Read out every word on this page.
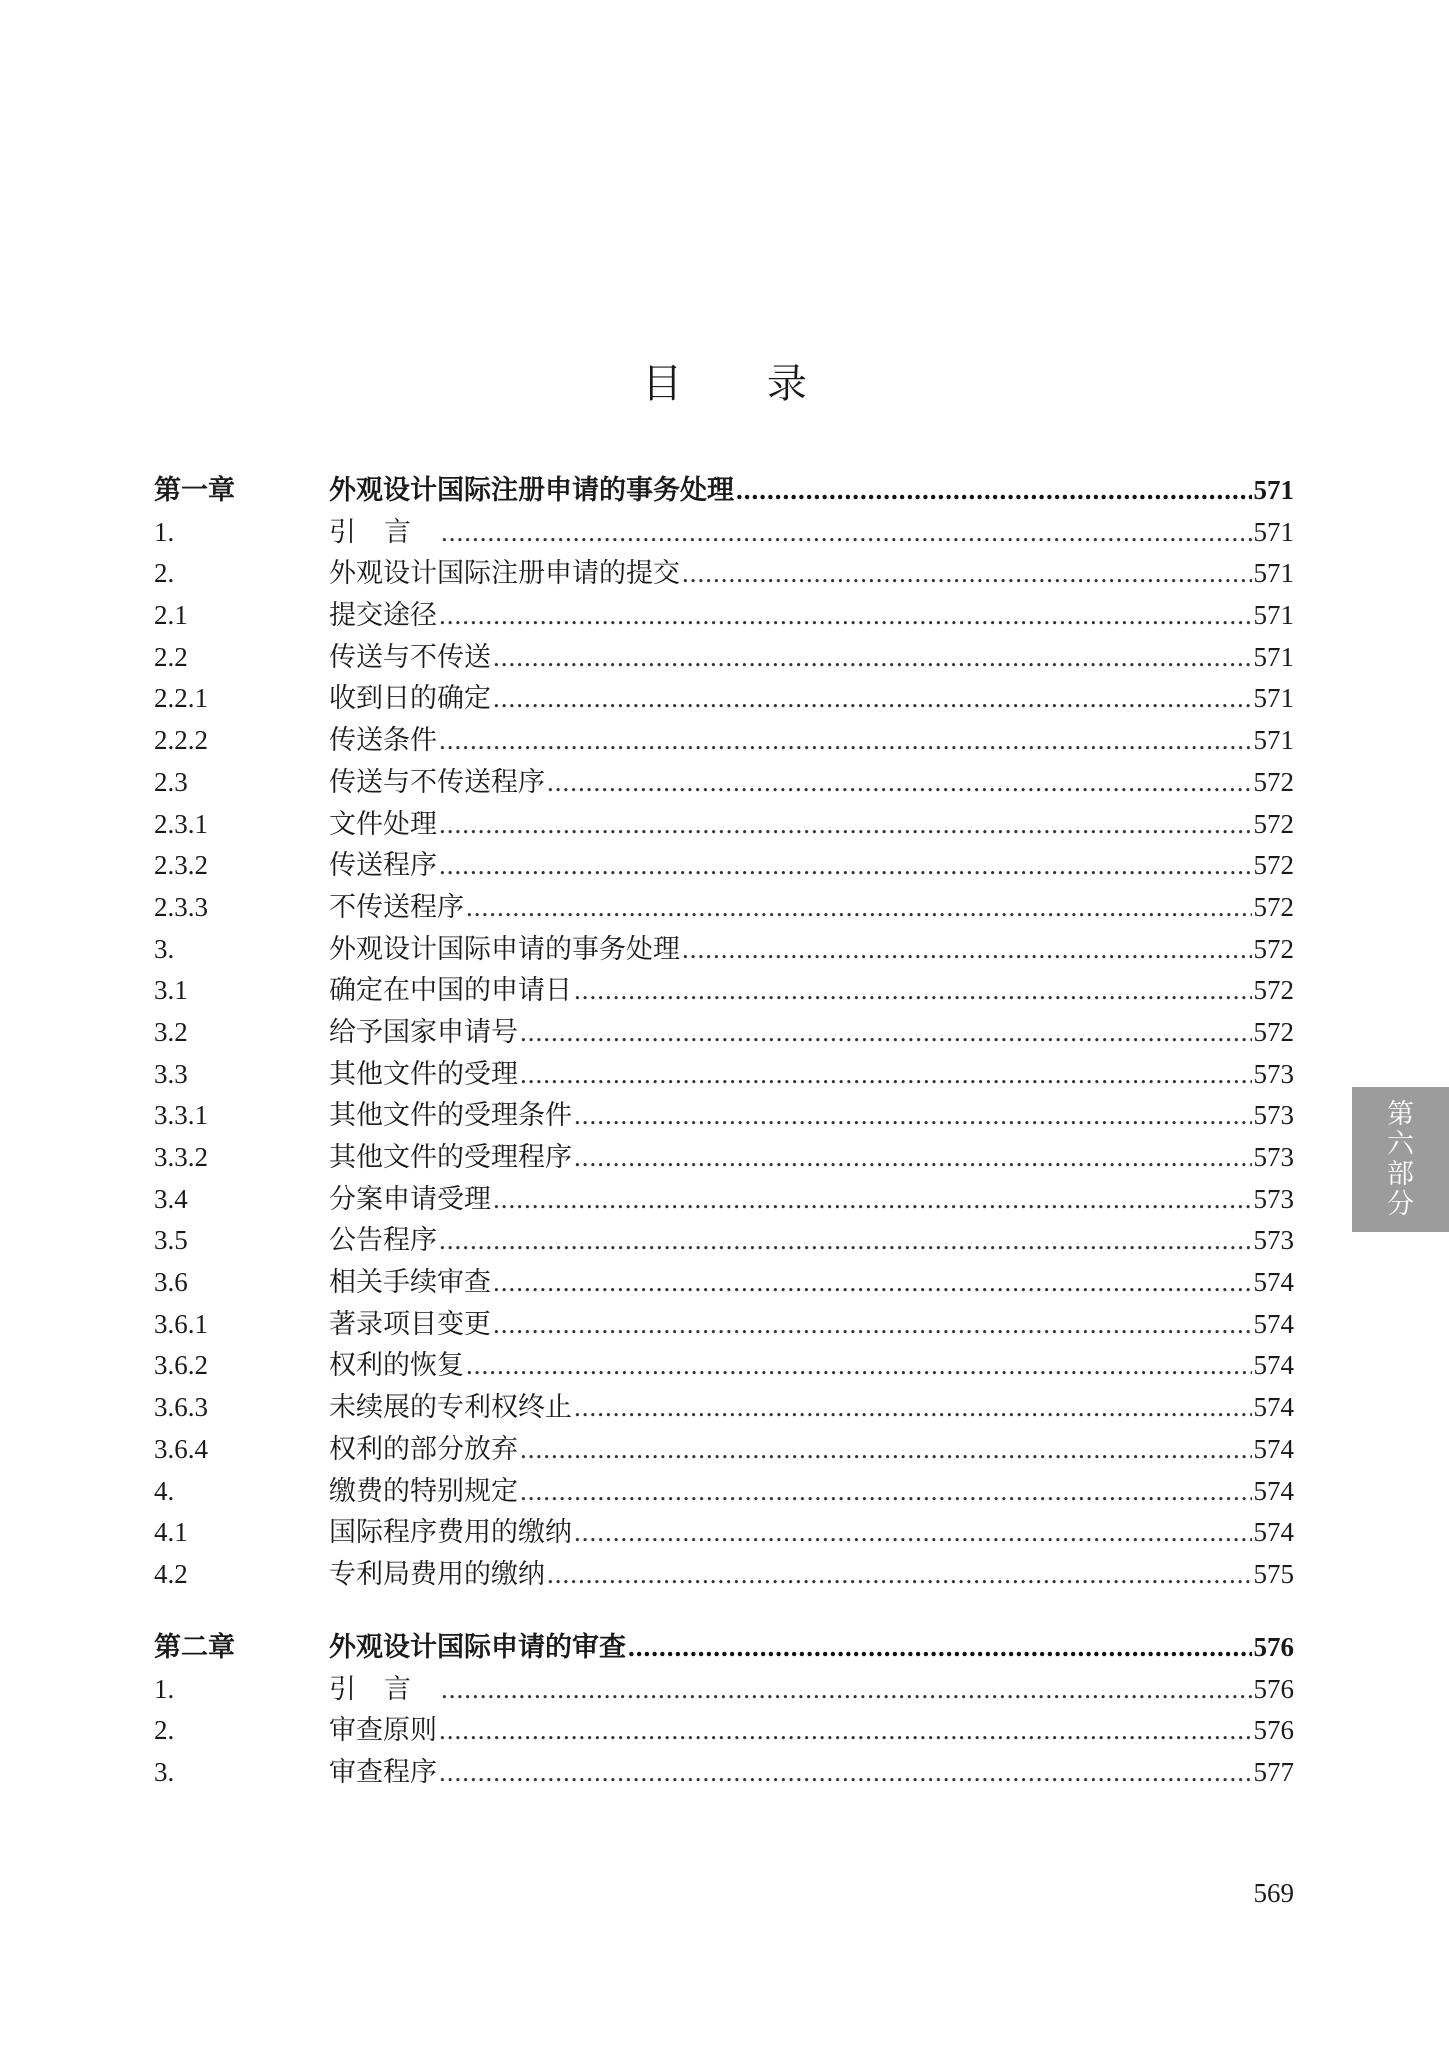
目 录
第一章	外观设计国际注册申请的事务处理 .....	571
1.	引言 .....	571
2.	外观设计国际注册申请的提交 .....	571
2.1	提交途径 .....	571
2.2	传送与不传送 .....	571
2.2.1	收到日的确定 .....	571
2.2.2	传送条件 .....	571
2.3	传送与不传送程序 .....	572
2.3.1	文件处理 .....	572
2.3.2	传送程序 .....	572
2.3.3	不传送程序 .....	572
3.	外观设计国际申请的事务处理 .....	572
3.1	确定在中国的申请日 .....	572
3.2	给予国家申请号 .....	572
3.3	其他文件的受理 .....	573
3.3.1	其他文件的受理条件 .....	573
3.3.2	其他文件的受理程序 .....	573
3.4	分案申请受理 .....	573
3.5	公告程序 .....	573
3.6	相关手续审查 .....	574
3.6.1	著录项目变更 .....	574
3.6.2	权利的恢复 .....	574
3.6.3	未续展的专利权终止 .....	574
3.6.4	权利的部分放弃 .....	574
4.	缴费的特别规定 .....	574
4.1	国际程序费用的缴纳 .....	574
4.2	专利局费用的缴纳 .....	575
第二章	外观设计国际申请的审查 .....	576
1.	引言 .....	576
2.	审查原则 .....	576
3.	审查程序 .....	577
第
六
部
分
569
